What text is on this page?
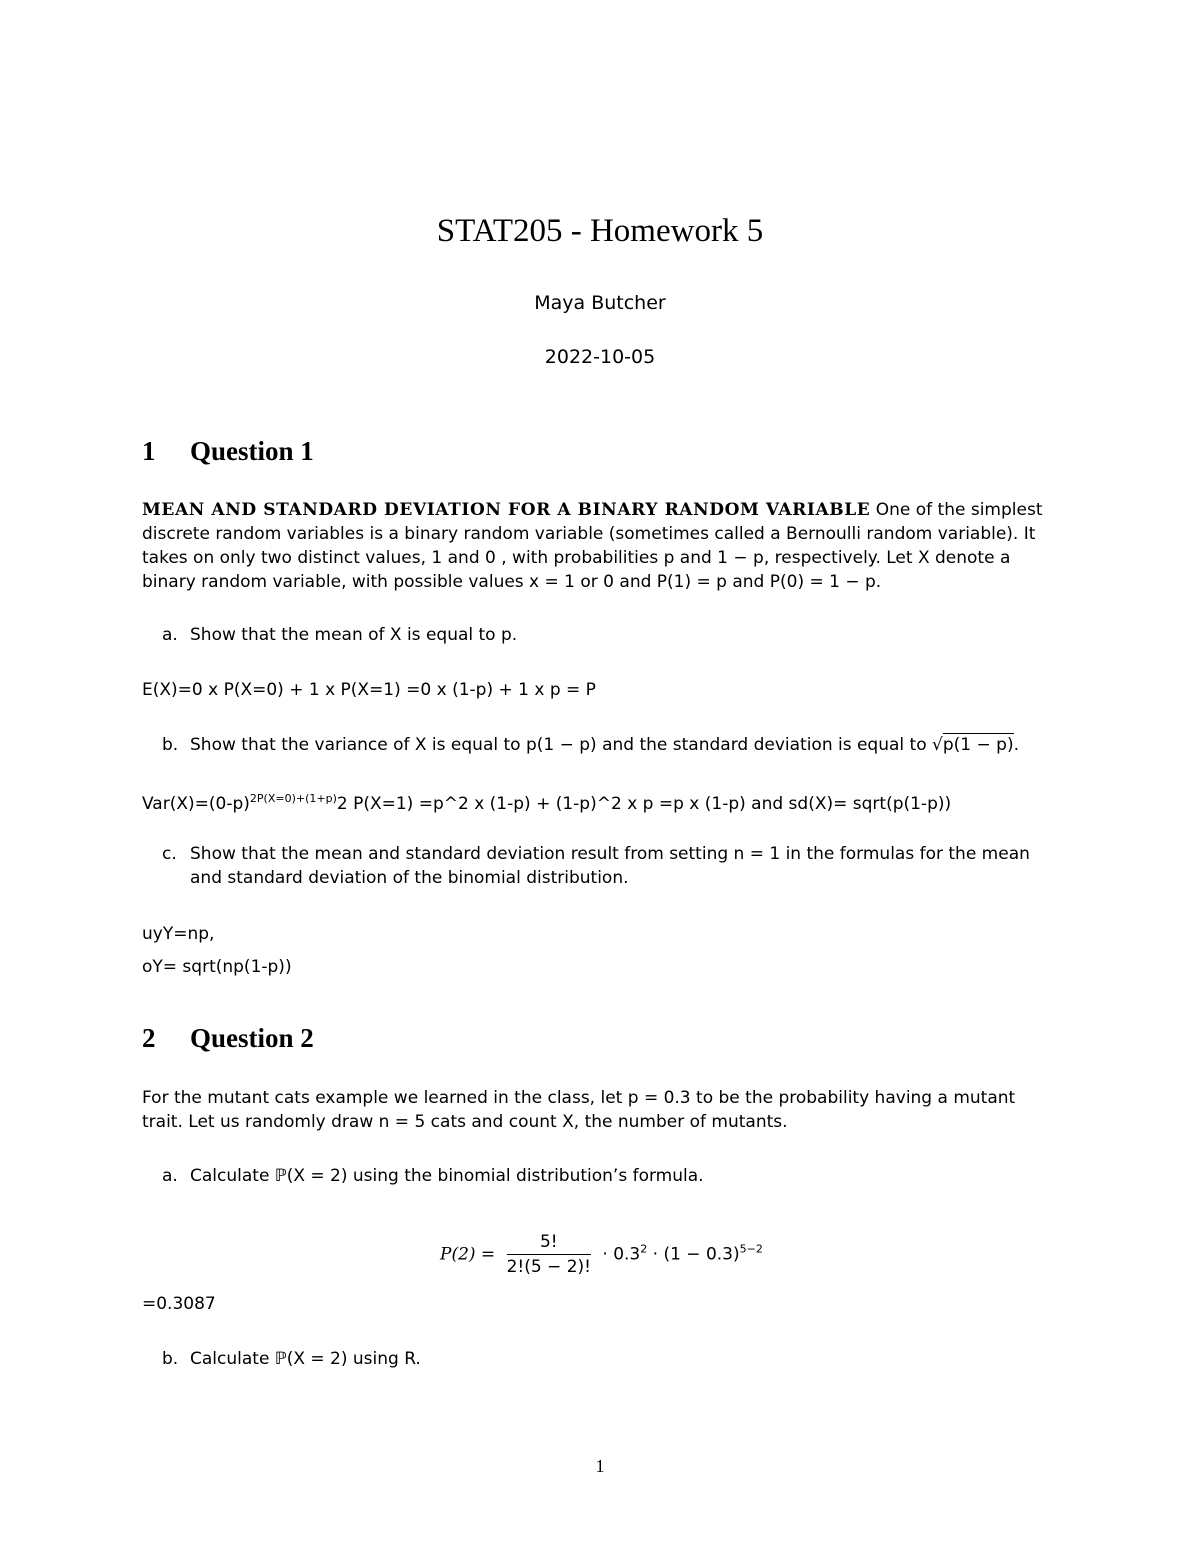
STAT205 - Homework 5
Maya Butcher
2022-10-05
1 Question 1
MEAN AND STANDARD DEVIATION FOR A BINARY RANDOM VARIABLE One of the simplest discrete random variables is a binary random variable (sometimes called a Bernoulli random variable). It takes on only two distinct values, 1 and 0 , with probabilities p and 1 − p, respectively. Let X denote a binary random variable, with possible values x = 1 or 0 and P(1) = p and P(0) = 1 − p.
a. Show that the mean of X is equal to p.
E(X)=0 x P(X=0) + 1 x P(X=1) =0 x (1-p) + 1 x p = P
b. Show that the variance of X is equal to p(1 − p) and the standard deviation is equal to √p(1 − p).
$Var(X)=(0-p)^{2P(X=0)+(1+p)}2$ P(X=1) =p^2 x (1-p) + (1-p)^2 x p =p x (1-p) and sd(X)= sqrt(p(1-p))
c. Show that the mean and standard deviation result from setting n = 1 in the formulas for the mean and standard deviation of the binomial distribution.
uyY=np,
oY= sqrt(np(1-p))
2 Question 2
For the mutant cats example we learned in the class, let p = 0.3 to be the probability having a mutant trait. Let us randomly draw n = 5 cats and count X, the number of mutants.
a. Calculate ℙ(X = 2) using the binomial distribution’s formula.
$P(2) = \frac{5!}{2!(5 - 2)!} \cdot 0.3^2 \cdot (1 - 0.3)^{5-2}$
=0.3087
b. Calculate ℙ(X = 2) using R.
1
